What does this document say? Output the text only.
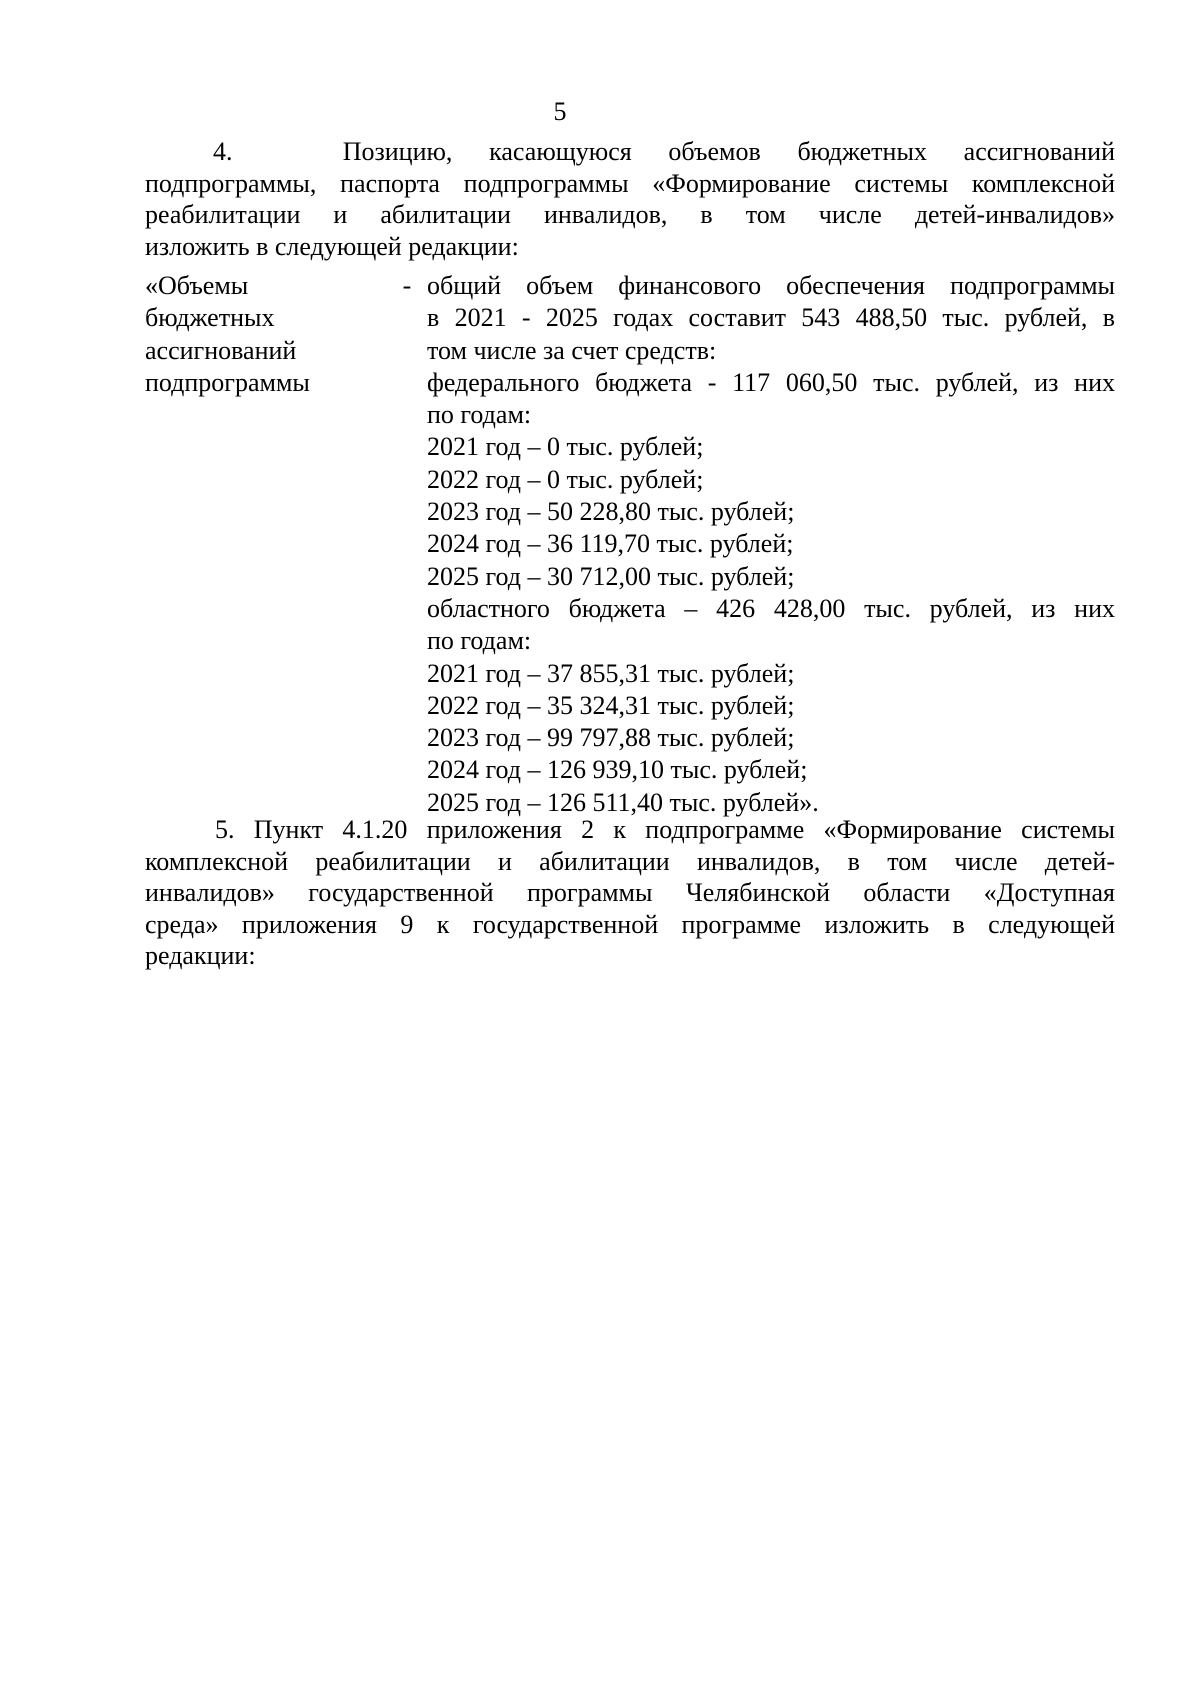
5
4.   Позицию, касающуюся объемов бюджетных ассигнований
подпрограммы, паспорта подпрограммы «Формирование системы комплексной
реабилитации и абилитации инвалидов, в том числе детей-инвалидов»
изложить в следующей редакции:
«Объемы
бюджетных
ассигнований
подпрограммы
- общий объем финансового обеспечения подпрограммы
в 2021 - 2025 годах составит 543 488,50 тыс. рублей, в
том числе за счет средств:
федерального бюджета - 117 060,50 тыс. рублей, из них
по годам:
2021 год – 0 тыс. рублей;
2022 год – 0 тыс. рублей;
2023 год – 50 228,80 тыс. рублей;
2024 год – 36 119,70 тыс. рублей;
2025 год – 30 712,00 тыс. рублей;
областного бюджета – 426 428,00 тыс. рублей, из них
по годам:
2021 год – 37 855,31 тыс. рублей;
2022 год – 35 324,31 тыс. рублей;
2023 год – 99 797,88 тыс. рублей;
2024 год – 126 939,10 тыс. рублей;
2025 год – 126 511,40 тыс. рублей».
5. Пункт 4.1.20 приложения 2 к подпрограмме «Формирование системы
комплексной реабилитации и абилитации инвалидов, в том числе детей-
инвалидов» государственной программы Челябинской области «Доступная
среда» приложения 9 к государственной программе изложить в следующей
редакции:
